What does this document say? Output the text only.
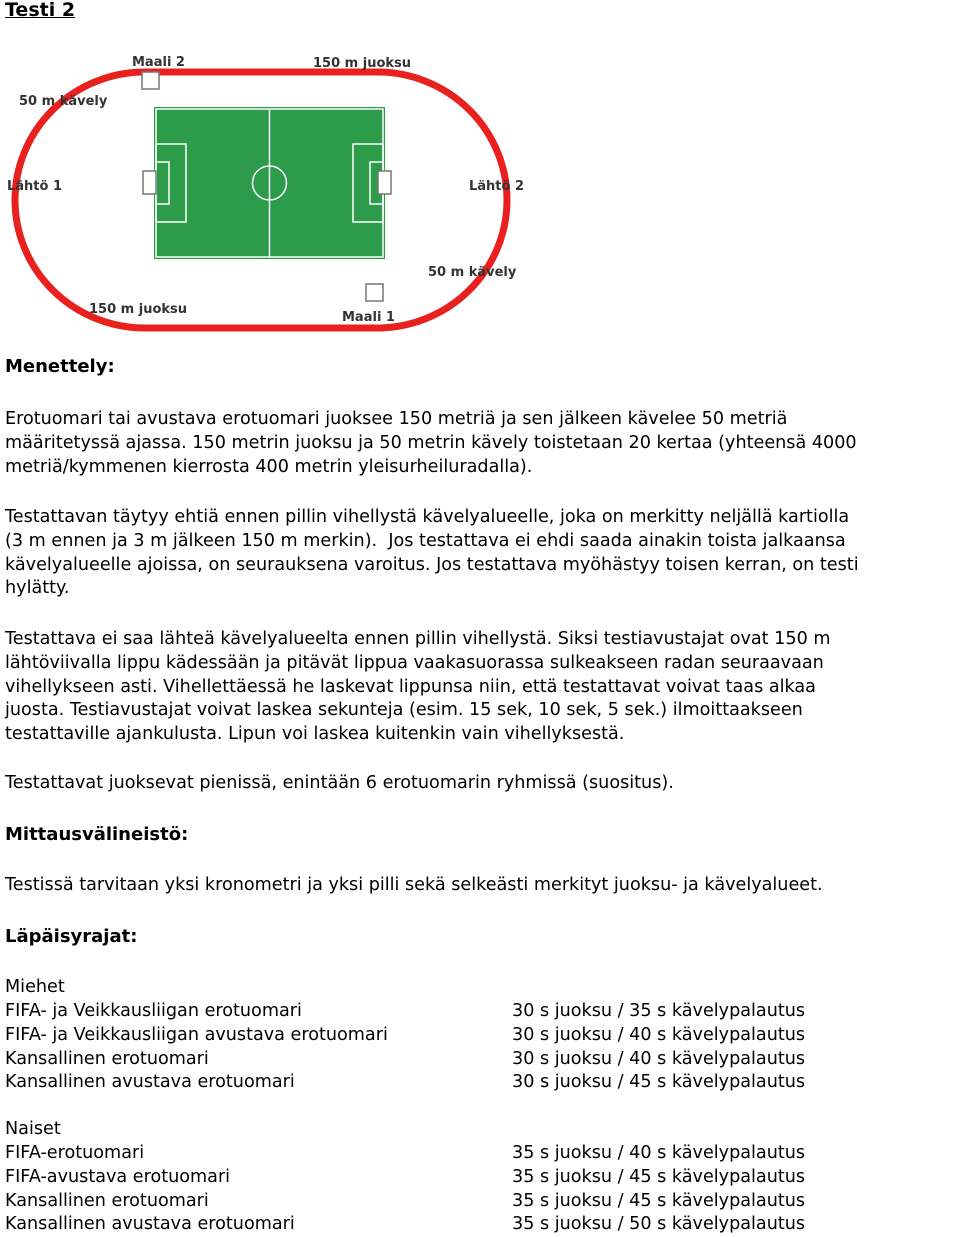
Testi 2
Maali 2	150 m juoksu
50 m kävely
Lähtö 1	Lähtö 2
50 m kävely
150 m juoksu
Maali 1
Menettely:

Erotuomari tai avustava erotuomari juoksee 150 metriä ja sen jälkeen kävelee 50 metriä
määritetyssä ajassa. 150 metrin juoksu ja 50 metrin kävely toistetaan 20 kertaa (yhteensä 4000
metriä/kymmenen kierrosta 400 metrin yleisurheiluradalla).

Testattavan täytyy ehtiä ennen pillin vihellystä kävelyalueelle, joka on merkitty neljällä kartiolla
(3 m ennen ja 3 m jälkeen 150 m merkin).  Jos testattava ei ehdi saada ainakin toista jalkaansa
kävelyalueelle ajoissa, on seurauksena varoitus. Jos testattava myöhästyy toisen kerran, on testi
hylätty.

Testattava ei saa lähteä kävelyalueelta ennen pillin vihellystä. Siksi testiavustajat ovat 150 m
lähtöviivalla lippu kädessään ja pitävät lippua vaakasuorassa sulkeakseen radan seuraavaan
vihellykseen asti. Vihellettäessä he laskevat lippunsa niin, että testattavat voivat taas alkaa
juosta. Testiavustajat voivat laskea sekunteja (esim. 15 sek, 10 sek, 5 sek.) ilmoittaakseen
testattaville ajankulusta. Lipun voi laskea kuitenkin vain vihellyksestä.

Testattavat juoksevat pienissä, enintään 6 erotuomarin ryhmissä (suositus).

Mittausvälineistö:

Testissä tarvitaan yksi kronometri ja yksi pilli sekä selkeästi merkityt juoksu- ja kävelyalueet.

Läpäisyrajat:

Miehet

FIFA- ja Veikkausliigan erotuomari	30 s juoksu / 35 s kävelypalautus
FIFA- ja Veikkausliigan avustava erotuomari	30 s juoksu / 40 s kävelypalautus
Kansallinen erotuomari	30 s juoksu / 40 s kävelypalautus
Kansallinen avustava erotuomari	30 s juoksu / 45 s kävelypalautus

Naiset

FIFA-erotuomari	35 s juoksu / 40 s kävelypalautus
FIFA-avustava erotuomari	35 s juoksu / 45 s kävelypalautus
Kansallinen erotuomari	35 s juoksu / 45 s kävelypalautus
Kansallinen avustava erotuomari	35 s juoksu / 50 s kävelypalautus
